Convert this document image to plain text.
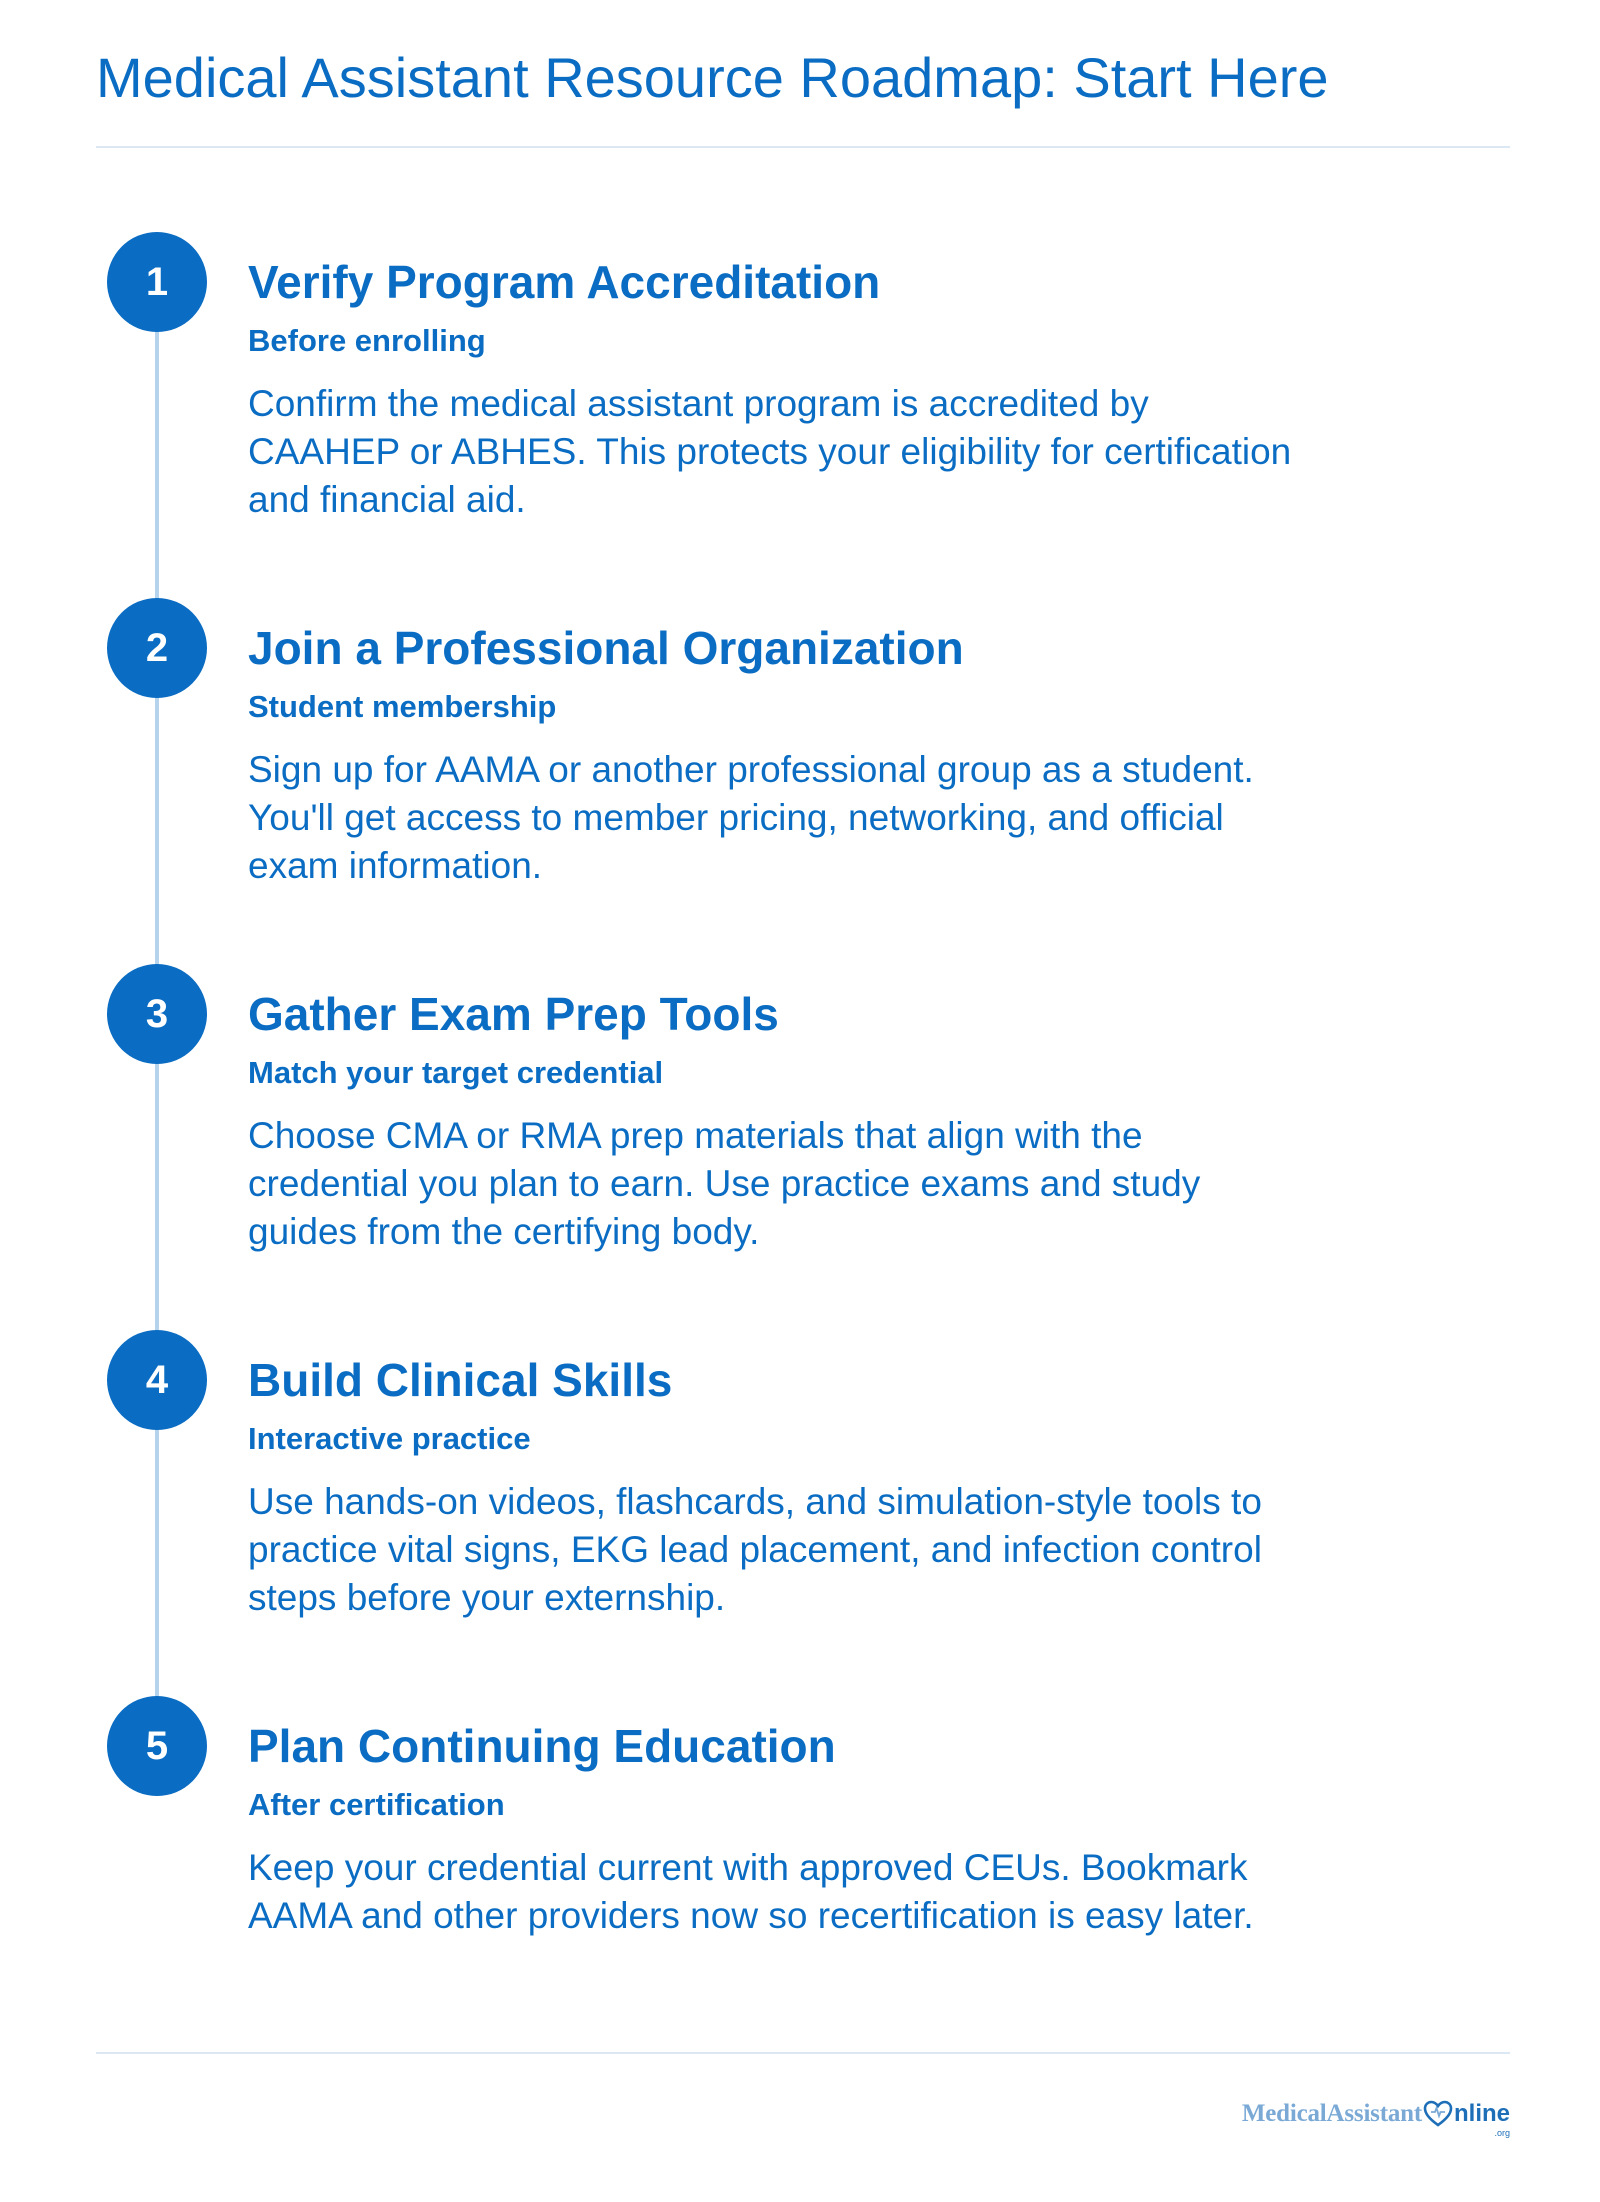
Medical Assistant Resource Roadmap: Start Here
1	Verify Program Accreditation

Before enrolling

Confirm the medical assistant program is accredited by CAAHEP or ABHES. This protects your eligibility for certification and financial aid.

2	Join a Professional Organization

Student membership

Sign up for AAMA or another professional group as a student. You'll get access to member pricing, networking, and official exam information.

3	Gather Exam Prep Tools

Match your target credential

Choose CMA or RMA prep materials that align with the credential you plan to earn. Use practice exams and study guides from the certifying body.

4	Build Clinical Skills

Interactive practice

Use hands-on videos, flashcards, and simulation-style tools to practice vital signs, EKG lead placement, and infection control steps before your externship.

5	Plan Continuing Education

After certification

Keep your credential current with approved CEUs. Bookmark AAMA and other providers now so recertification is easy later.

MedicalAssistant nline
.org
